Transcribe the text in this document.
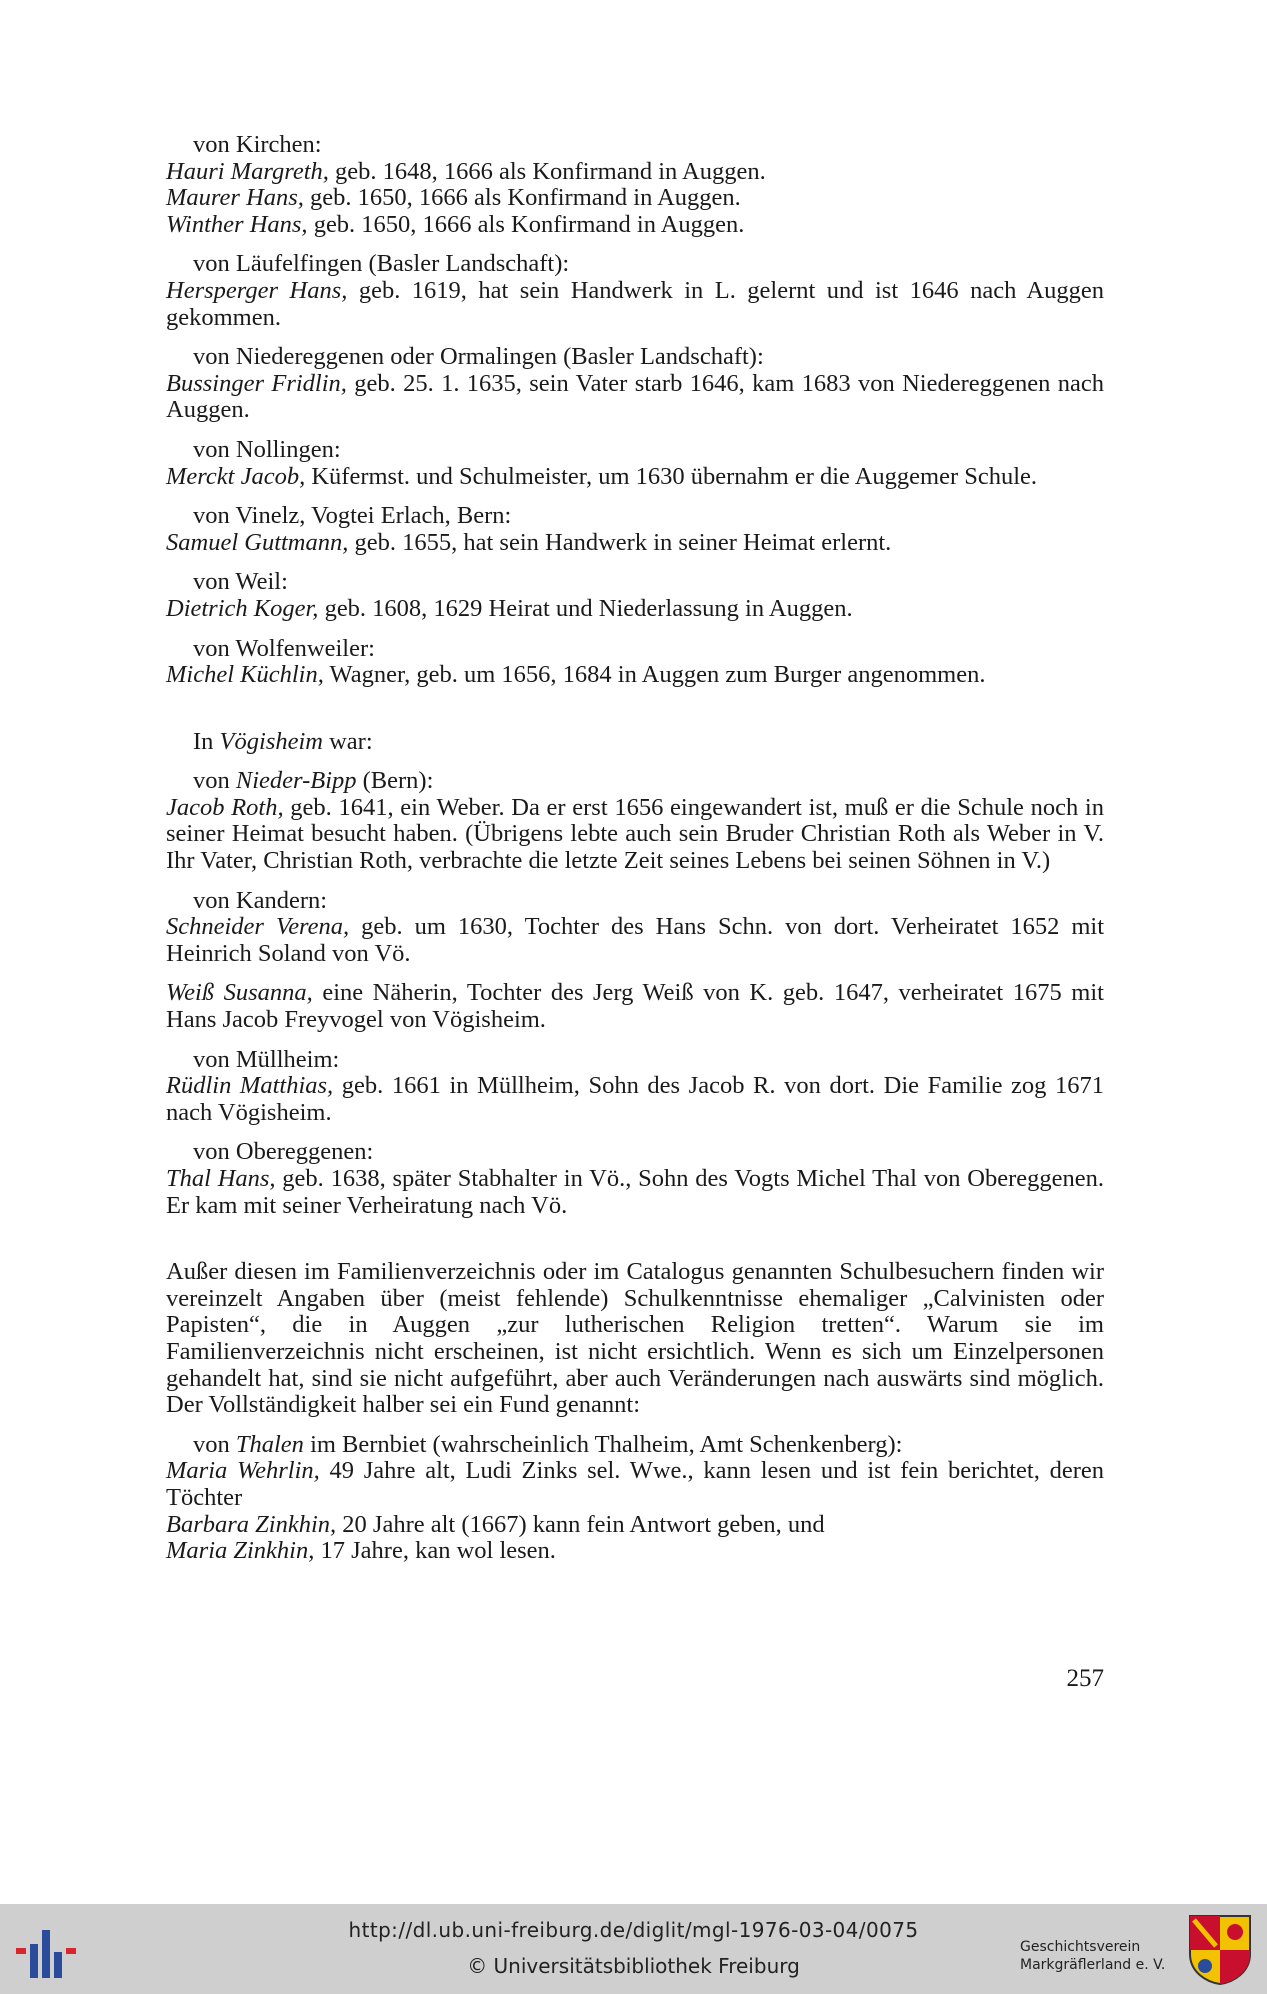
von Kirchen:

Hauri Margreth, geb. 1648, 1666 als Konfirmand in Auggen.

Maurer Hans, geb. 1650, 1666 als Konfirmand in Auggen.

Winther Hans, geb. 1650, 1666 als Konfirmand in Auggen.

von Läufelfingen (Basler Landschaft):

Hersperger Hans, geb. 1619, hat sein Handwerk in L. gelernt und ist 1646 nach Auggen gekommen.

von Niedereggenen oder Ormalingen (Basler Landschaft):

Bussinger Fridlin, geb. 25. 1. 1635, sein Vater starb 1646, kam 1683 von Niedereggenen nach Auggen.

von Nollingen:

Merckt Jacob, Küfermst. und Schulmeister, um 1630 übernahm er die Auggemer Schule.

von Vinelz, Vogtei Erlach, Bern:

Samuel Guttmann, geb. 1655, hat sein Handwerk in seiner Heimat erlernt.

von Weil:

Dietrich Koger, geb. 1608, 1629 Heirat und Niederlassung in Auggen.

von Wolfenweiler:

Michel Küchlin, Wagner, geb. um 1656, 1684 in Auggen zum Burger angenommen.

In Vögisheim war:

von Nieder-Bipp (Bern):

Jacob Roth, geb. 1641, ein Weber. Da er erst 1656 eingewandert ist, muß er die Schule noch in seiner Heimat besucht haben. (Übrigens lebte auch sein Bruder Christian Roth als Weber in V. Ihr Vater, Christian Roth, verbrachte die letzte Zeit seines Lebens bei seinen Söhnen in V.)

von Kandern:

Schneider Verena, geb. um 1630, Tochter des Hans Schn. von dort. Verheiratet 1652 mit Heinrich Soland von Vö.

Weiß Susanna, eine Näherin, Tochter des Jerg Weiß von K. geb. 1647, verheiratet 1675 mit Hans Jacob Freyvogel von Vögisheim.

von Müllheim:

Rüdlin Matthias, geb. 1661 in Müllheim, Sohn des Jacob R. von dort. Die Familie zog 1671 nach Vögisheim.

von Obereggenen:

Thal Hans, geb. 1638, später Stabhalter in Vö., Sohn des Vogts Michel Thal von Obereggenen. Er kam mit seiner Verheiratung nach Vö.

Außer diesen im Familienverzeichnis oder im Catalogus genannten Schulbesuchern finden wir vereinzelt Angaben über (meist fehlende) Schulkenntnisse ehemaliger „Calvinisten oder Papisten“, die in Auggen „zur lutherischen Religion tretten“. Warum sie im Familienverzeichnis nicht erscheinen, ist nicht ersichtlich. Wenn es sich um Einzelpersonen gehandelt hat, sind sie nicht aufgeführt, aber auch Veränderungen nach auswärts sind möglich. Der Vollständigkeit halber sei ein Fund genannt:

von Thalen im Bernbiet (wahrscheinlich Thalheim, Amt Schenkenberg):

Maria Wehrlin, 49 Jahre alt, Ludi Zinks sel. Wwe., kann lesen und ist fein berichtet, deren Töchter

Barbara Zinkhin, 20 Jahre alt (1667) kann fein Antwort geben, und

Maria Zinkhin, 17 Jahre, kan wol lesen.

257
http://dl.ub.uni-freiburg.de/diglit/mgl-1976-03-04/0075
© Universitätsbibliothek Freiburg
Geschichtsverein
Markgräflerland e. V.
